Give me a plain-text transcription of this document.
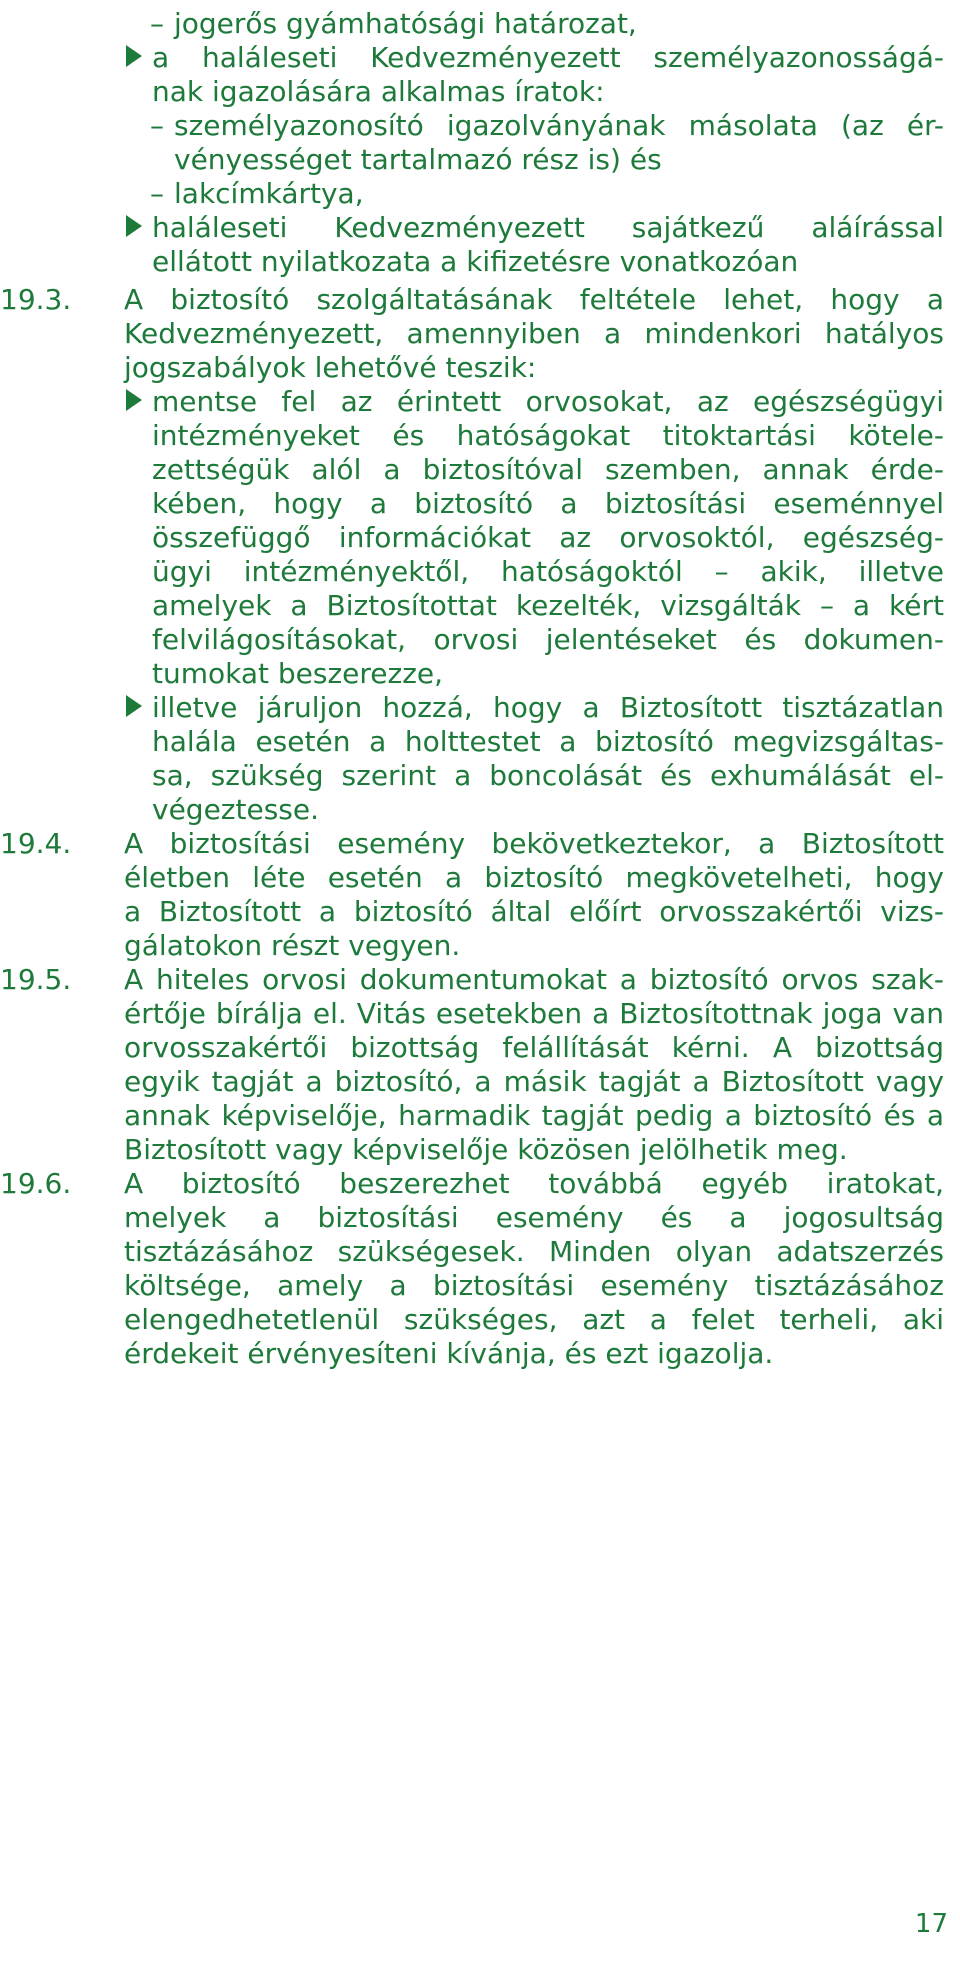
– jogerős gyámhatósági határozat,
a haláleseti Kedvezményezett személyazonosságá-
nak igazolására alkalmas íratok:
– személyazonosító igazolványának másolata (az ér-
vényességet tartalmazó rész is) és
– lakcímkártya,
haláleseti Kedvezményezett sajátkezű aláírással
ellátott nyilatkozata a kifizetésre vonatkozóan
19.3. A biztosító szolgáltatásának feltétele lehet, hogy a
Kedvezményezett, amennyiben a mindenkori hatályos
jogszabályok lehetővé teszik:
mentse fel az érintett orvosokat, az egészségügyi
intézményeket és hatóságokat titoktartási kötele-
zettségük alól a biztosítóval szemben, annak érde-
kében, hogy a biztosító a biztosítási eseménnyel
összefüggő információkat az orvosoktól, egészség-
ügyi intézményektől, hatóságoktól – akik, illetve
amelyek a Biztosítottat kezelték, vizsgálták – a kért
felvilágosításokat, orvosi jelentéseket és dokumen-
tumokat beszerezze,
illetve járuljon hozzá, hogy a Biztosított tisztázatlan
halála esetén a holttestet a biztosító megvizsgáltas-
sa, szükség szerint a boncolását és exhumálását el-
végeztesse.
19.4. A biztosítási esemény bekövetkeztekor, a Biztosított
életben léte esetén a biztosító megkövetelheti, hogy
a Biztosított a biztosító által előírt orvosszakértői vizs-
gálatokon részt vegyen.
19.5. A hiteles orvosi dokumentumokat a biztosító orvos szak-
értője bírálja el. Vitás esetekben a Biztosítottnak joga van
orvosszakértői bizottság felállítását kérni. A bizottság
egyik tagját a biztosító, a másik tagját a Biztosított vagy
annak képviselője, harmadik tagját pedig a biztosító és a
Biztosított vagy képviselője közösen jelölhetik meg.
19.6. A biztosító beszerezhet továbbá egyéb iratokat,
melyek a biztosítási esemény és a jogosultság
tisztázásához szükségesek. Minden olyan adatszerzés
költsége, amely a biztosítási esemény tisztázásához
elengedhetetlenül szükséges, azt a felet terheli, aki
érdekeit érvényesíteni kívánja, és ezt igazolja.
17
